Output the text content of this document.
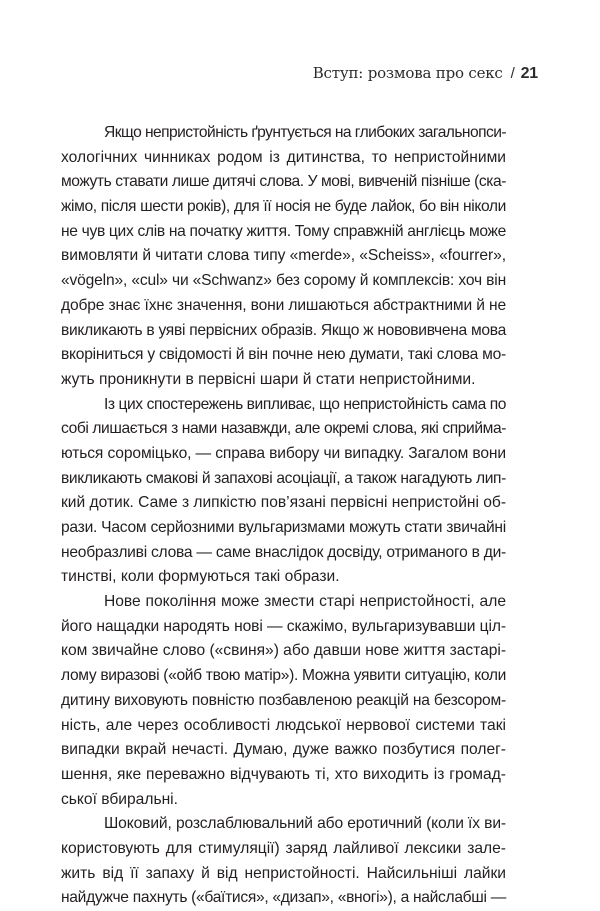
Вступ: розмова про секс / 21
Якщо непристойність ґрунтується на глибоких загальнопси-
хологічних чинниках родом із дитинства, то непристойними
можуть ставати лише дитячі слова. У мові, вивченій пізніше (ска-
жімо, після шести років), для її носія не буде лайок, бо він ніколи
не чув цих слів на початку життя. Тому справжній англієць може
вимовляти й читати слова типу «merde», «Scheiss», «fourrer»,
«vögeln», «cul» чи «Schwanz» без сорому й комплексів: хоч він
добре знає їхнє значення, вони лишаються абстрактними й не
викликають в уяві первісних образів. Якщо ж нововивчена мова
вкоріниться у свідомості й він почне нею думати, такі слова мо-
жуть проникнути в первісні шари й стати непристойними.
Із цих спостережень випливає, що непристойність сама по
собі лишається з нами назавжди, але окремі слова, які сприйма-
ються сороміцько, — справа вибору чи випадку. Загалом вони
викликають смакові й запахові асоціації, а також нагадують лип-
кий дотик. Саме з липкістю пов’язані первісні непристойні об-
рази. Часом серйозними вульгаризмами можуть стати звичайні
необразливі слова — саме внаслідок досвіду, отриманого в ди-
тинстві, коли формуються такі образи.
Нове покоління може змести старі непристойності, але
його нащадки народять нові — скажімо, вульгаризувавши ціл-
ком звичайне слово («свиня») або давши нове життя застарі-
лому виразові («ойб твою матір»). Можна уявити ситуацію, коли
дитину виховують повністю позбавленою реакцій на безсором-
ність, але через особливості людської нервової системи такі
випадки вкрай нечасті. Думаю, дуже важко позбутися полег-
шення, яке переважно відчувають ті, хто виходить із громад-
ської вбиральні.
Шоковий, розслаблювальний або еротичний (коли їх ви-
користовують для стимуляції) заряд лайливої лексики зале-
жить від її запаху й від непристойності. Найсильніші лайки
найдужче пахнуть («баїтися», «дизап», «вногі»), а найслабші —
